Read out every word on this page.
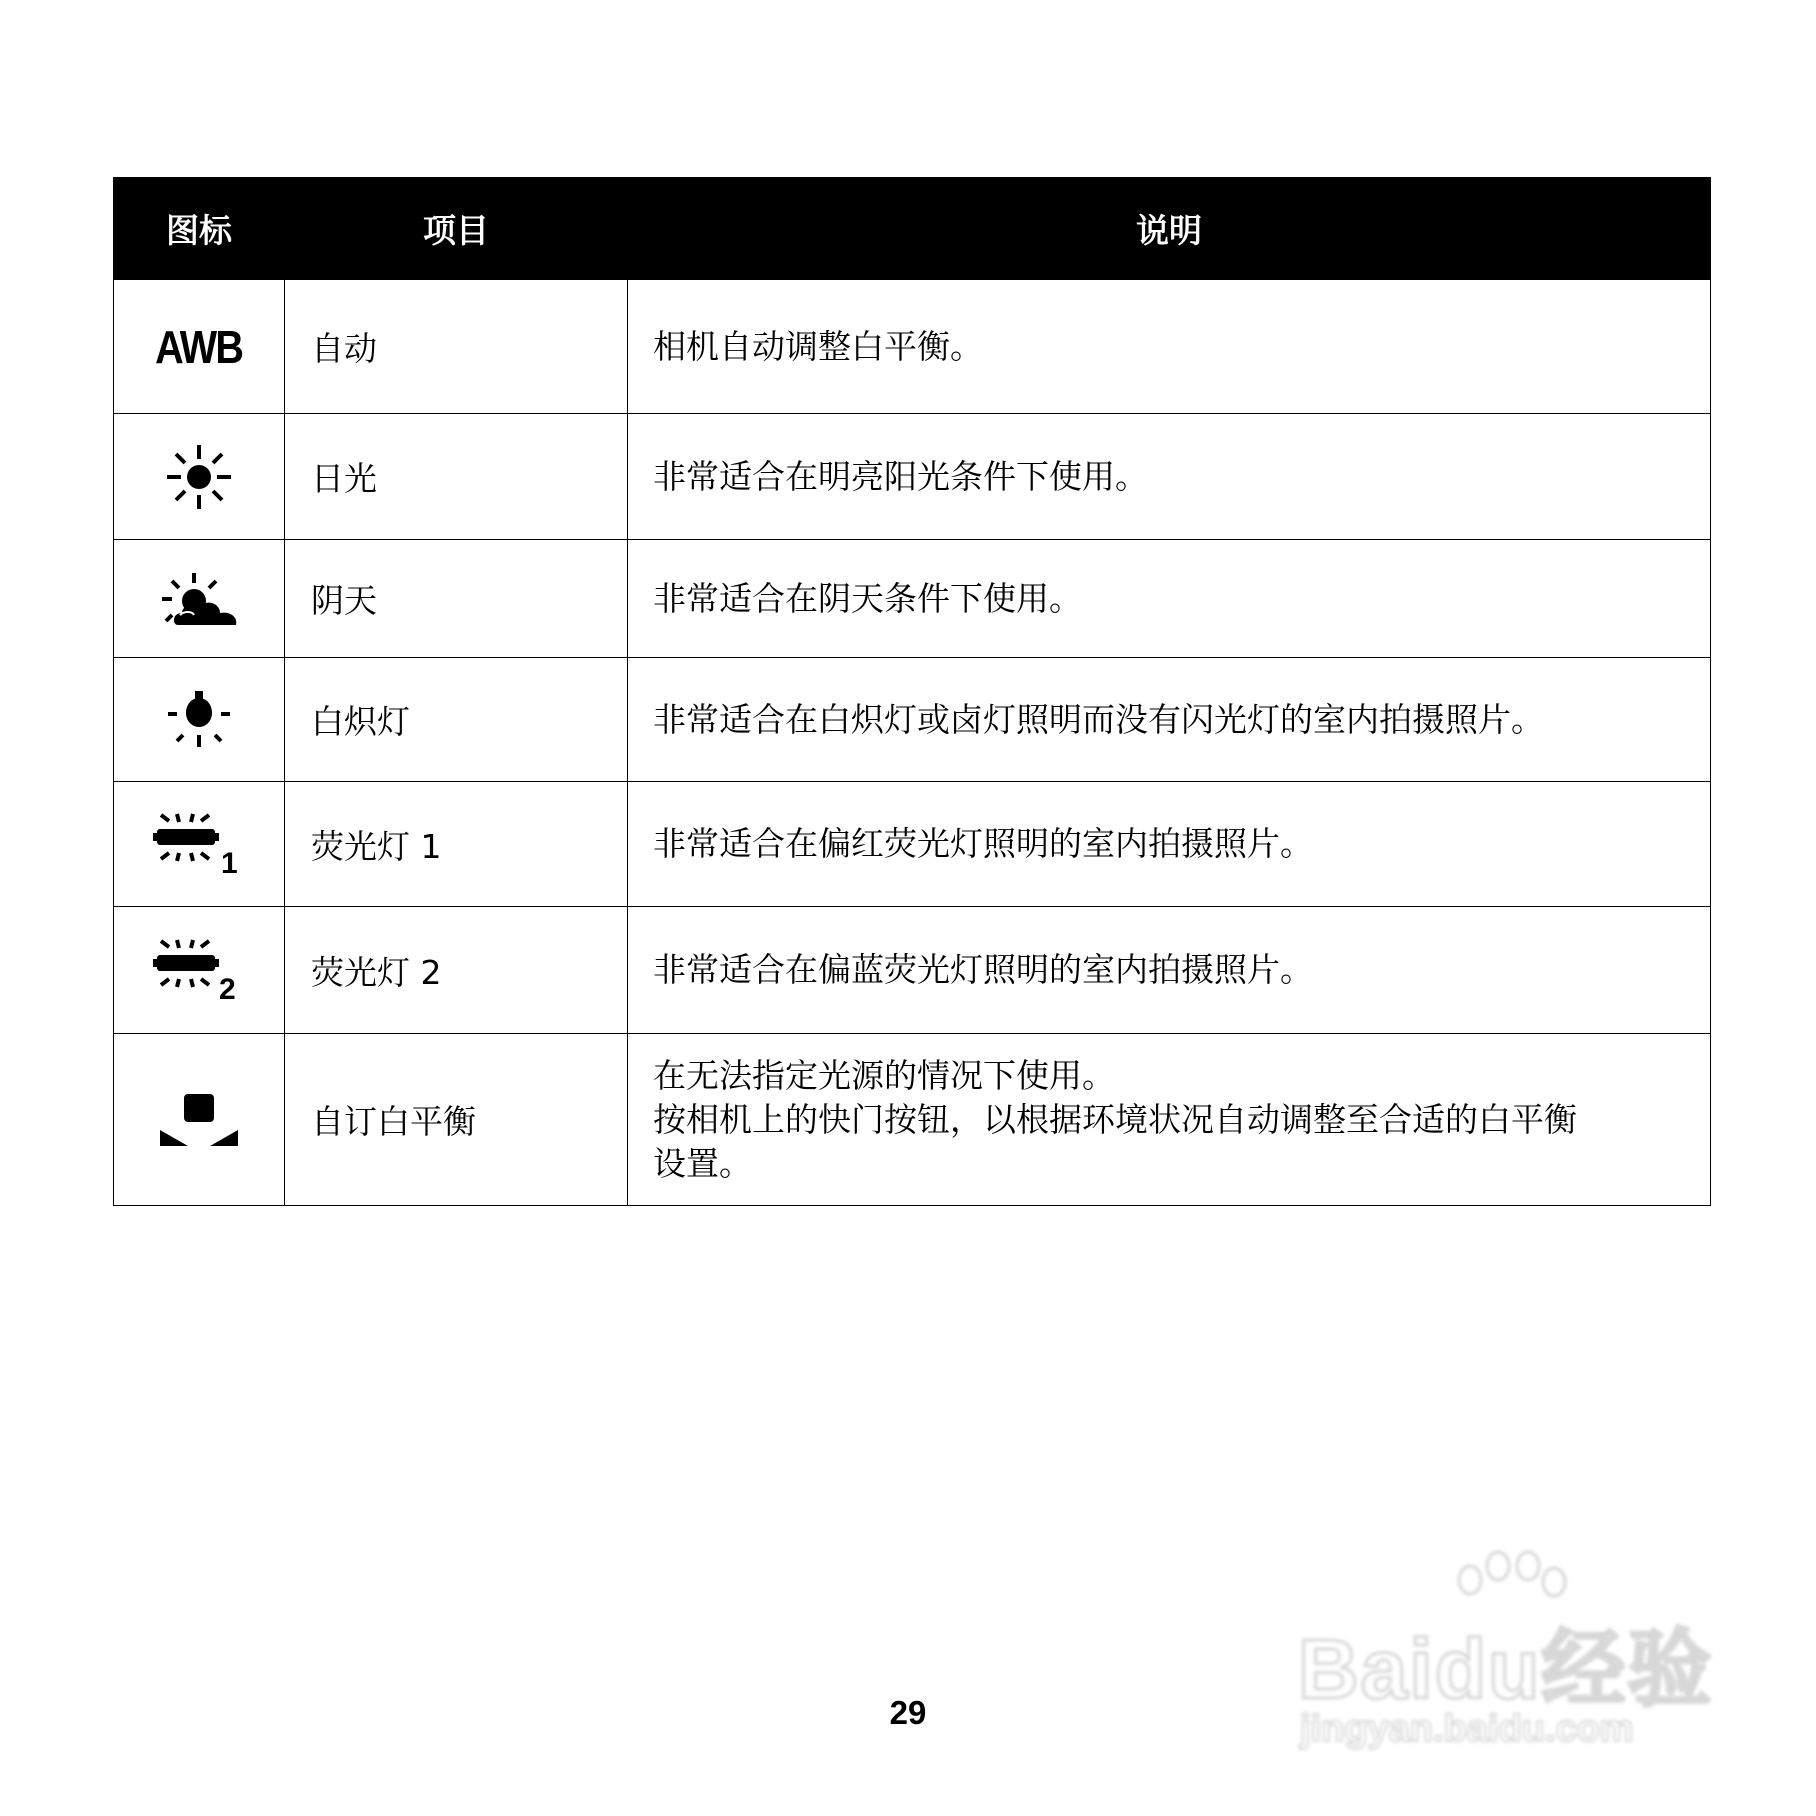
图标	项目	说明
AWB	自动	相机自动调整白平衡。

	日光	非常适合在明亮阳光条件下使用。

	阴天	非常适合在阴天条件下使用。

	白炽灯	非常适合在白炽灯或卤灯照明而没有闪光灯的室内拍摄照片。

1	荧光灯 1	非常适合在偏红荧光灯照明的室内拍摄照片。

2	荧光灯 2	非常适合在偏蓝荧光灯照明的室内拍摄照片。

	自订白平衡	在无法指定光源的情况下使用。
按相机上的快门按钮，以根据环境状况自动调整至合适的白平衡
设置。
29	Baidu经验
jingyan.baidu.com
